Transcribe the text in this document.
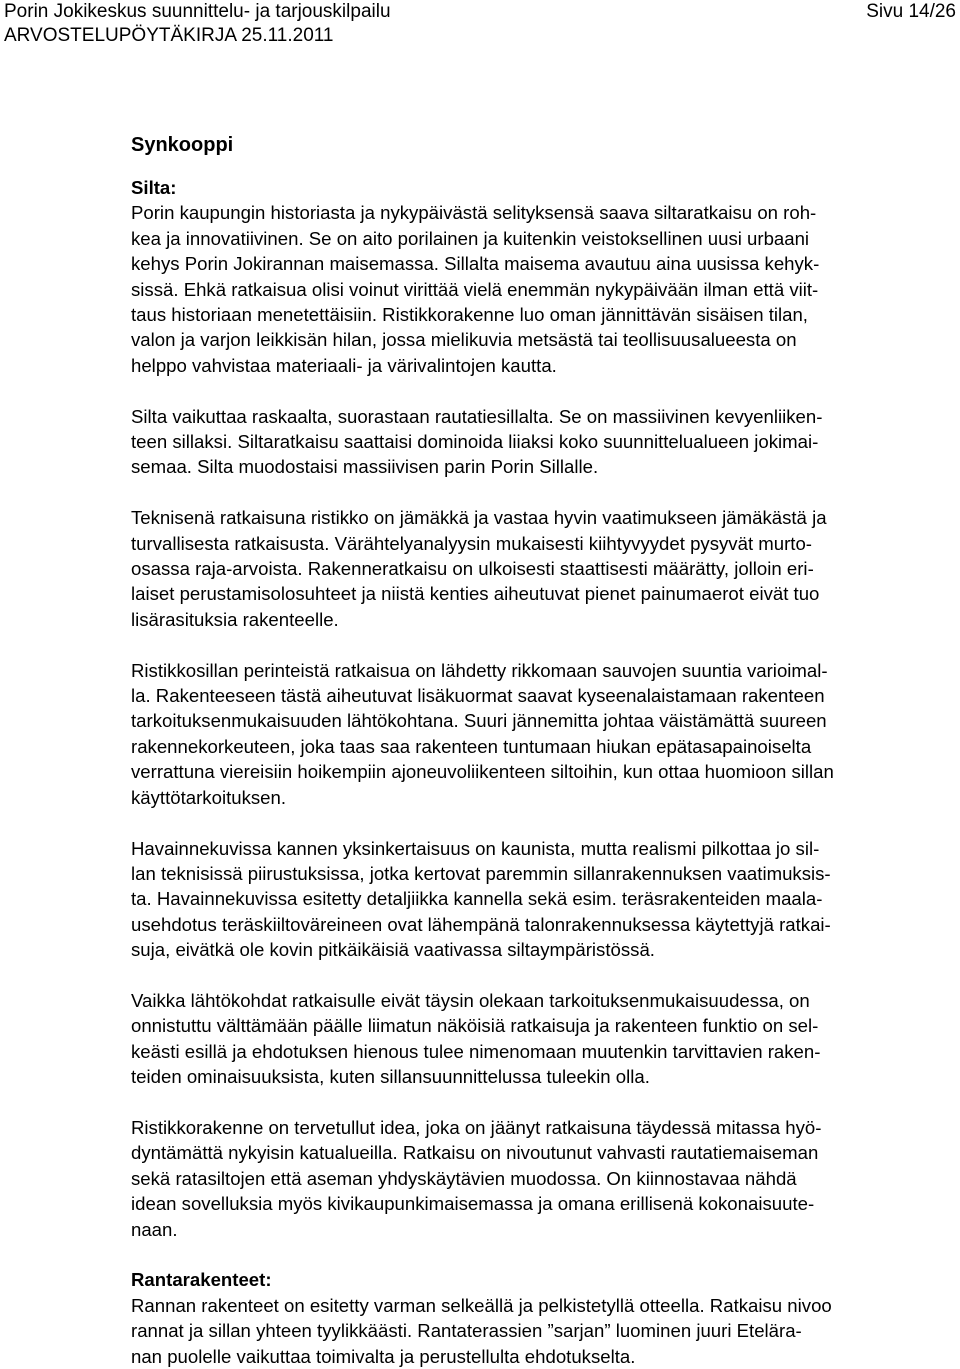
Porin Jokikeskus suunnittelu- ja tarjouskilpailu	Sivu 14/26
ARVOSTELUPÖYTÄKIRJA 25.11.2011
Synkooppi
Silta:

Porin kaupungin historiasta ja nykypäivästä selityksensä saava siltaratkaisu on roh-
kea ja innovatiivinen. Se on aito porilainen ja kuitenkin veistoksellinen uusi urbaani
kehys Porin Jokirannan maisemassa. Sillalta maisema avautuu aina uusissa kehyk-
sissä. Ehkä ratkaisua olisi voinut virittää vielä enemmän nykypäivään ilman että viit-
taus historiaan menetettäisiin. Ristikkorakenne luo oman jännittävän sisäisen tilan,
valon ja varjon leikkisän hilan, jossa mielikuvia metsästä tai teollisuusalueesta on
helppo vahvistaa materiaali- ja värivalintojen kautta.

Silta vaikuttaa raskaalta, suorastaan rautatiesillalta. Se on massiivinen kevyenliiken-
teen sillaksi. Siltaratkaisu saattaisi dominoida liiaksi koko suunnittelualueen jokimai-
semaa. Silta muodostaisi massiivisen parin Porin Sillalle.

Teknisenä ratkaisuna ristikko on jämäkkä ja vastaa hyvin vaatimukseen jämäkästä ja
turvallisesta ratkaisusta. Värähtelyanalyysin mukaisesti kiihtyvyydet pysyvät murto-
osassa raja-arvoista. Rakenneratkaisu on ulkoisesti staattisesti määrätty, jolloin eri-
laiset perustamisolosuhteet ja niistä kenties aiheutuvat pienet painumaerot eivät tuo
lisärasituksia rakenteelle.

Ristikkosillan perinteistä ratkaisua on lähdetty rikkomaan sauvojen suuntia varioimal-
la. Rakenteeseen tästä aiheutuvat lisäkuormat saavat kyseenalaistamaan rakenteen
tarkoituksenmukaisuuden lähtökohtana. Suuri jännemitta johtaa väistämättä suureen
rakennekorkeuteen, joka taas saa rakenteen tuntumaan hiukan epätasapainoiselta
verrattuna viereisiin hoikempiin ajoneuvoliikenteen siltoihin, kun ottaa huomioon sillan
käyttötarkoituksen.

Havainnekuvissa kannen yksinkertaisuus on kaunista, mutta realismi pilkottaa jo sil-
lan teknisissä piirustuksissa, jotka kertovat paremmin sillanrakennuksen vaatimuksis-
ta. Havainnekuvissa esitetty detaljiikka kannella sekä esim. teräsrakenteiden maala-
usehdotus teräskiiltoväreineen ovat lähempänä talonrakennuksessa käytettyjä ratkai-
suja, eivätkä ole kovin pitkäikäisiä vaativassa siltaympäristössä.

Vaikka lähtökohdat ratkaisulle eivät täysin olekaan tarkoituksenmukaisuudessa, on
onnistuttu välttämään päälle liimatun näköisiä ratkaisuja ja rakenteen funktio on sel-
keästi esillä ja ehdotuksen hienous tulee nimenomaan muutenkin tarvittavien raken-
teiden ominaisuuksista, kuten sillansuunnittelussa tuleekin olla.

Ristikkorakenne on tervetullut idea, joka on jäänyt ratkaisuna täydessä mitassa hyö-
dyntämättä nykyisin katualueilla. Ratkaisu on nivoutunut vahvasti rautatiemaiseman
sekä ratasiltojen että aseman yhdyskäytävien muodossa. On kiinnostavaa nähdä
idean sovelluksia myös kivikaupunkimaisemassa ja omana erillisenä kokonaisuute-
naan.

Rantarakenteet:

Rannan rakenteet on esitetty varman selkeällä ja pelkistetyllä otteella. Ratkaisu nivoo
rannat ja sillan yhteen tyylikkäästi. Rantaterassien ”sarjan” luominen juuri Etelära-
nan puolelle vaikuttaa toimivalta ja perustellulta ehdotukselta.
